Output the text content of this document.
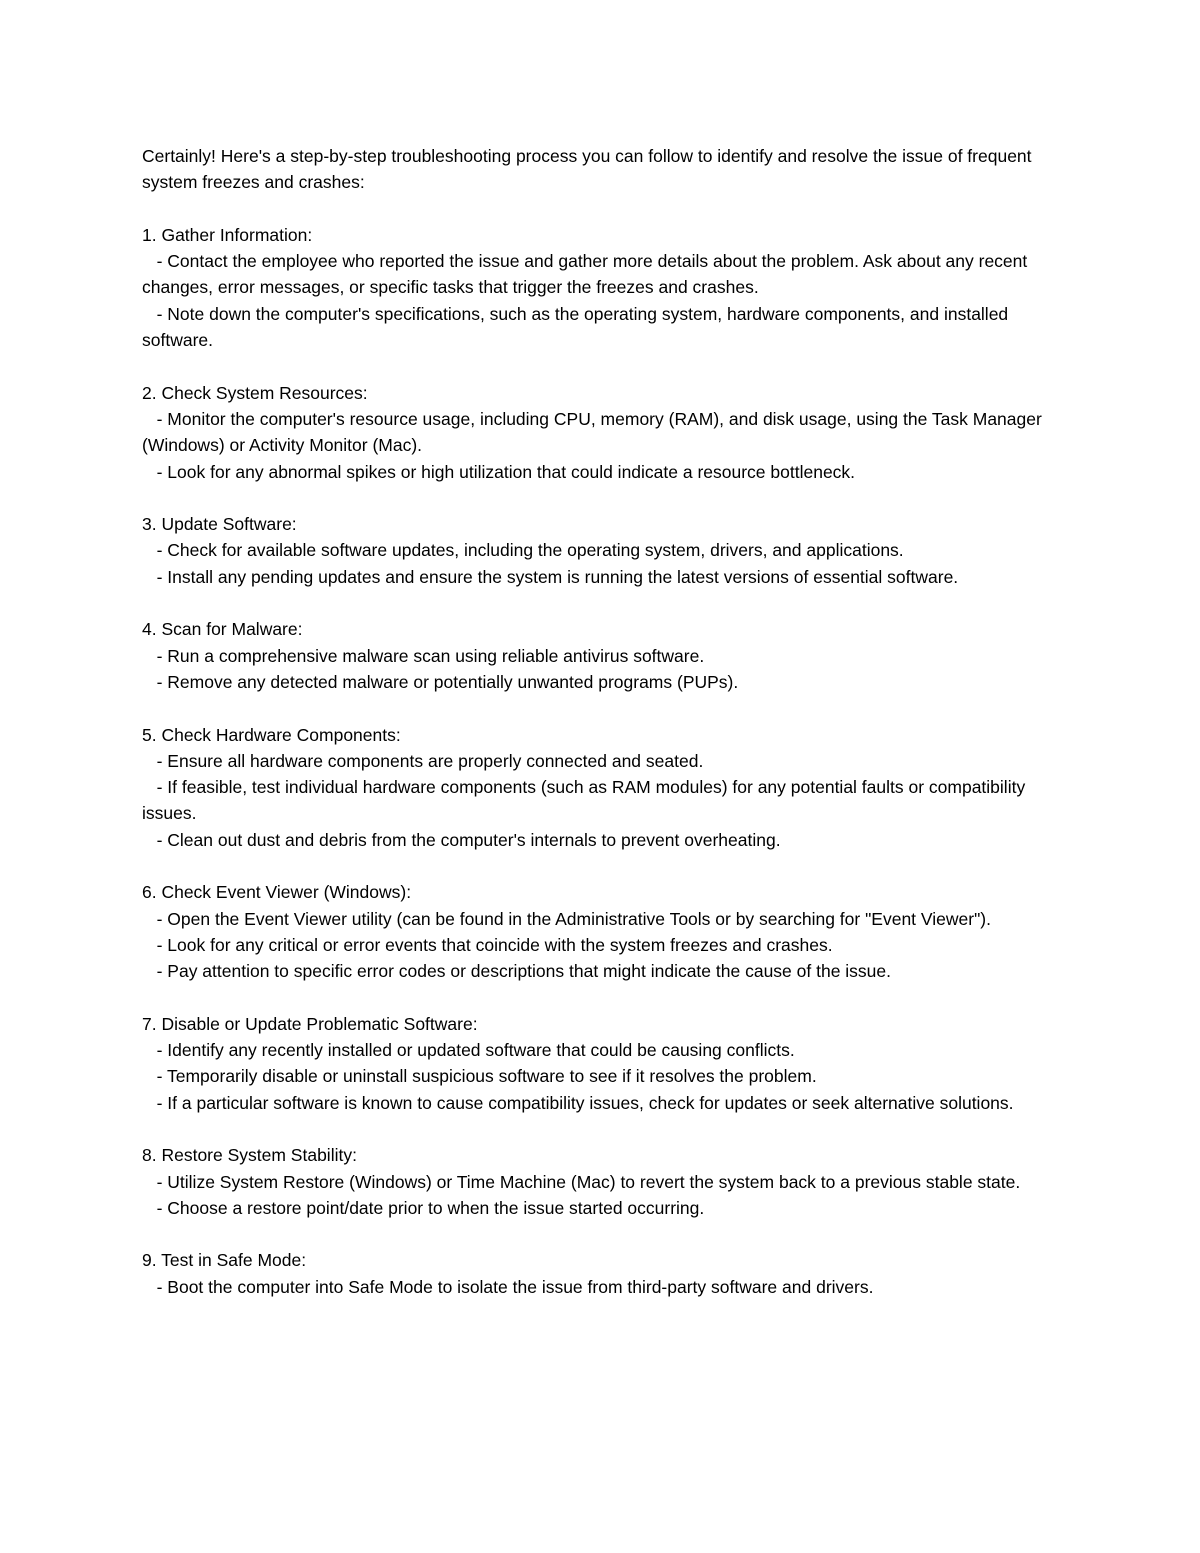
Certainly! Here's a step-by-step troubleshooting process you can follow to identify and resolve the issue of frequent system freezes and crashes:

1. Gather Information:

- Contact the employee who reported the issue and gather more details about the problem. Ask about any recent changes, error messages, or specific tasks that trigger the freezes and crashes.

- Note down the computer's specifications, such as the operating system, hardware components, and installed software.

2. Check System Resources:

- Monitor the computer's resource usage, including CPU, memory (RAM), and disk usage, using the Task Manager (Windows) or Activity Monitor (Mac).

- Look for any abnormal spikes or high utilization that could indicate a resource bottleneck.

3. Update Software:

- Check for available software updates, including the operating system, drivers, and applications.

- Install any pending updates and ensure the system is running the latest versions of essential software.

4. Scan for Malware:

- Run a comprehensive malware scan using reliable antivirus software.

- Remove any detected malware or potentially unwanted programs (PUPs).

5. Check Hardware Components:

- Ensure all hardware components are properly connected and seated.

- If feasible, test individual hardware components (such as RAM modules) for any potential faults or compatibility issues.

- Clean out dust and debris from the computer's internals to prevent overheating.

6. Check Event Viewer (Windows):

- Open the Event Viewer utility (can be found in the Administrative Tools or by searching for "Event Viewer").

- Look for any critical or error events that coincide with the system freezes and crashes.

- Pay attention to specific error codes or descriptions that might indicate the cause of the issue.

7. Disable or Update Problematic Software:

- Identify any recently installed or updated software that could be causing conflicts.

- Temporarily disable or uninstall suspicious software to see if it resolves the problem.

- If a particular software is known to cause compatibility issues, check for updates or seek alternative solutions.

8. Restore System Stability:

- Utilize System Restore (Windows) or Time Machine (Mac) to revert the system back to a previous stable state.

- Choose a restore point/date prior to when the issue started occurring.

9. Test in Safe Mode:

- Boot the computer into Safe Mode to isolate the issue from third-party software and drivers.
